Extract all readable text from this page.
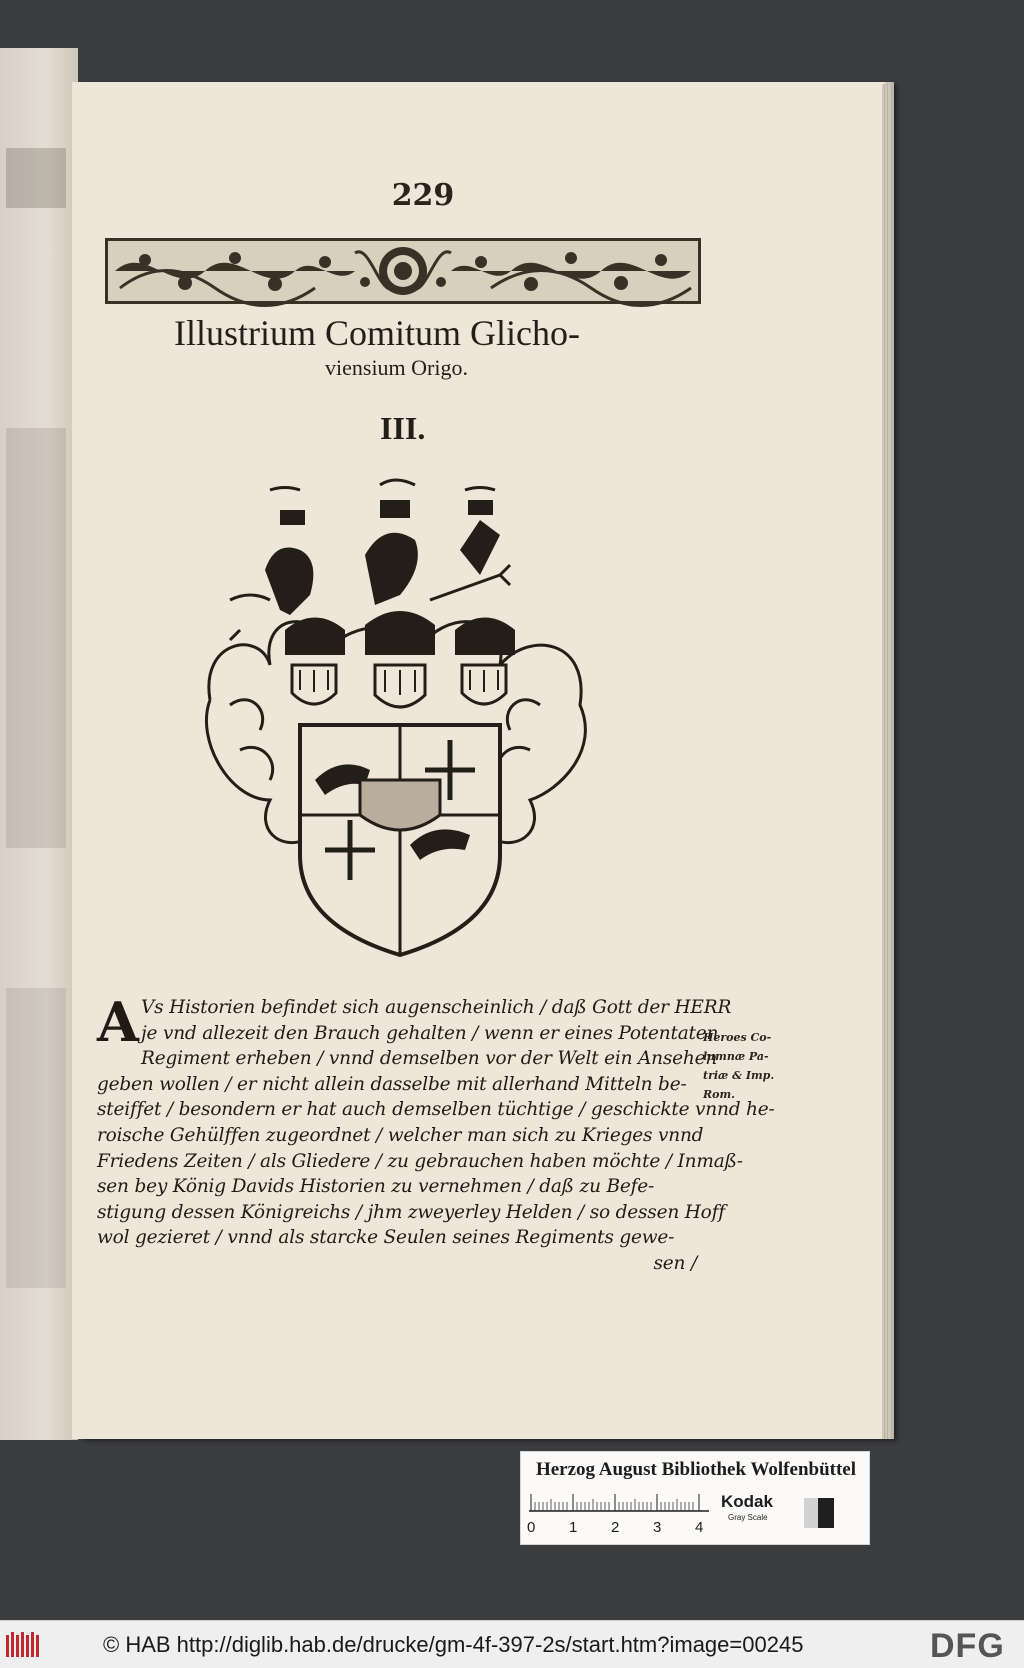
229
Illustrium Comitum Glicho-
viensium Origo.
III.
A Vs Historien befindet sich augenscheinlich / daß Gott der HERR
je vnd allezeit den Brauch gehalten / wenn er eines Potentaten
Regiment erheben / vnnd demselben vor der Welt ein Ansehen
geben wollen / er nicht allein dasselbe mit allerhand Mitteln be-
steiffet / besondern er hat auch demselben tüchtige / geschickte vnnd he-
roische Gehülffen zugeordnet / welcher man sich zu Krieges vnnd
Friedens Zeiten / als Gliedere / zu gebrauchen haben möchte / Inmaß-
sen bey König Davids Historien zu vernehmen / daß zu Befe-
stigung dessen Königreichs / jhm zweyerley Helden / so dessen Hoff
wol gezieret / vnnd als starcke Seulen seines Regiments gewe-
sen /
Heroes Co-
lumnæ Pa-
triæ & Imp.
Rom.
Herzog August Bibliothek Wolfenbüttel
0 1 2 3 4
Kodak
Gray Scale
© HAB http://diglib.hab.de/drucke/gm-4f-397-2s/start.htm?image=00245	DFG
